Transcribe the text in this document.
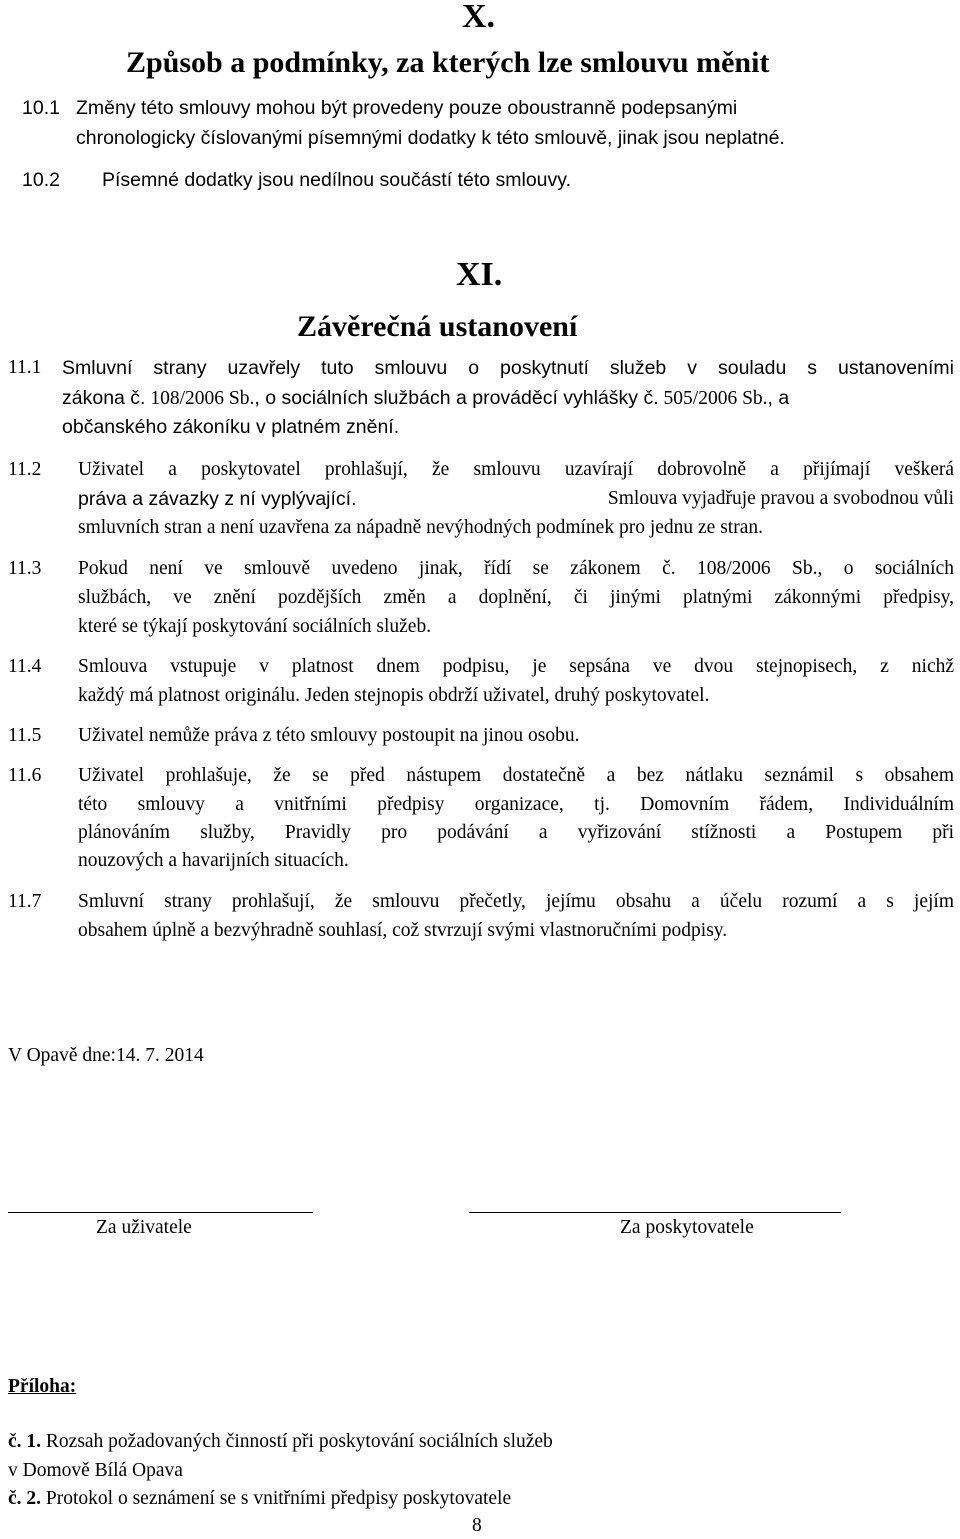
X.
Způsob a podmínky, za kterých lze smlouvu měnit
10.1 Změny této smlouvy mohou být provedeny pouze oboustranně podepsanými
chronologicky číslovanými písemnými dodatky k této smlouvě, jinak jsou neplatné.
10.2 Písemné dodatky jsou nedílnou součástí této smlouvy.
XI.
Závěrečná ustanovení
11.1 Smluvní strany uzavřely tuto smlouvu o poskytnutí služeb v souladu s ustanoveními
zákona č. 108/2006 Sb., o sociálních službách a prováděcí vyhlášky č. 505/2006 Sb., a
občanského zákoníku v platném znění.
11.2 Uživatel a poskytovatel prohlašují, že smlouvu uzavírají dobrovolně a přijímají veškerá
práva a závazky z ní vyplývající.	Smlouva vyjadřuje pravou a svobodnou vůli
smluvních stran a není uzavřena za nápadně nevýhodných podmínek pro jednu ze stran.
11.3 Pokud není ve smlouvě uvedeno jinak, řídí se zákonem č. 108/2006 Sb., o sociálních
službách, ve znění pozdějších změn a doplnění, či jinými platnými zákonnými předpisy,
které se týkají poskytování sociálních služeb.
11.4 Smlouva vstupuje v platnost dnem podpisu, je sepsána ve dvou stejnopisech, z nichž
každý má platnost originálu. Jeden stejnopis obdrží uživatel, druhý poskytovatel.
11.5 Uživatel nemůže práva z této smlouvy postoupit na jinou osobu.
11.6 Uživatel prohlašuje, že se před nástupem dostatečně a bez nátlaku seznámil s obsahem
této smlouvy a vnitřními předpisy organizace, tj. Domovním řádem, Individuálním
plánováním služby, Pravidly pro podávání a vyřizování stížnosti a Postupem při
nouzových a havarijních situacích.
11.7 Smluvní strany prohlašují, že smlouvu přečetly, jejímu obsahu a účelu rozumí a s jejím
obsahem úplně a bezvýhradně souhlasí, což stvrzují svými vlastnoručními podpisy.
V Opavě dne:14. 7. 2014
Za uživatele	Za poskytovatele
Příloha:
č. 1. Rozsah požadovaných činností při poskytování sociálních služeb
v Domově Bílá Opava
č. 2. Protokol o seznámení se s vnitřními předpisy poskytovatele
8
